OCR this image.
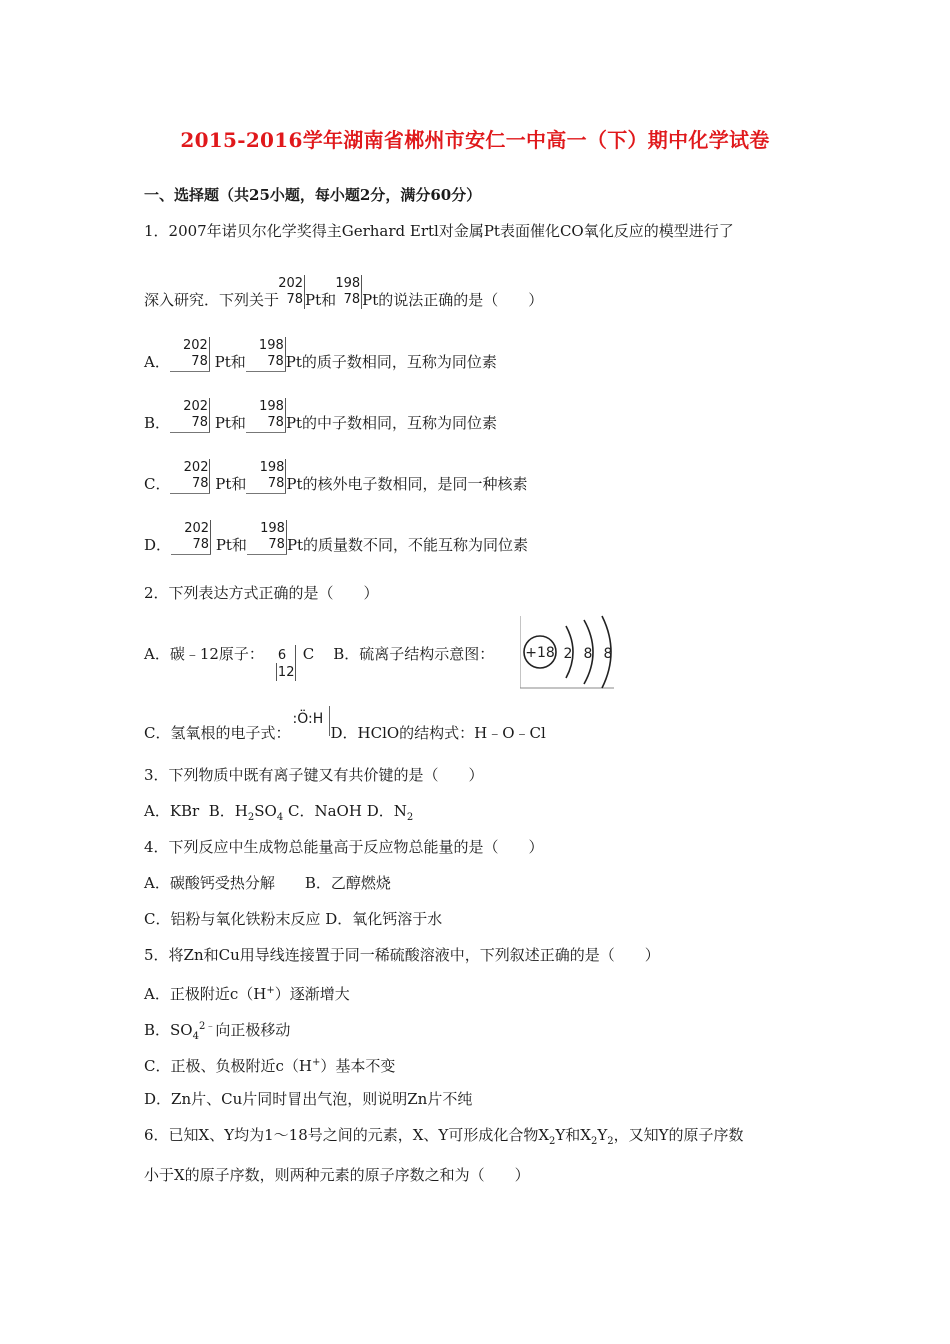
2015-2016学年湖南省郴州市安仁一中高一（下）期中化学试卷
一、选择题（共25小题，每小题2分，满分60分）
1．2007年诺贝尔化学奖得主Gerhard Ertl对金属Pt表面催化CO氧化反应的模型进行了
深入研究．下列关于
202
78 Pt和
198
78 Pt的说法正确的是（　　）
A．
202
78 Pt和
198
78 Pt的质子数相同，互称为同位素
B．
202
78 Pt和
198
78 Pt的中子数相同，互称为同位素
C．
202
78 Pt和
198
78 Pt的核外电子数相同，是同一种核素
D．
202
78 Pt和
198
78 Pt的质量数不同，不能互称为同位素
2．下列表达方式正确的是（　　）
A．碳﹣12原子： 6
12
C B．硫离子结构示意图： +18 2 8 8
C．氢氧根的电子式：
:Ö:H
D．HClO的结构式：H﹣O﹣Cl
3．下列物质中既有离子键又有共价键的是（　　）
A．KBr B．$H_2SO_4$ C．NaOH D．$N_2$
4．下列反应中生成物总能量高于反应物总能量的是（　　）
A．碳酸钙受热分解　　B．乙醇燃烧
C．铝粉与氧化铁粉末反应 D．氧化钙溶于水
5．将Zn和Cu用导线连接置于同一稀硫酸溶液中，下列叙述正确的是（　　）
A．正极附近c（H+）逐渐增大
B．$SO_4^{2﹣}$向正极移动
C．正极、负极附近c（H+）基本不变
D．Zn片、Cu片同时冒出气泡，则说明Zn片不纯
6．已知X、Y均为1～18号之间的元素，X、Y可形成化合物$X_2Y$和$X_2Y_2$，又知Y的原子序数
小于X的原子序数，则两种元素的原子序数之和为（　　）
